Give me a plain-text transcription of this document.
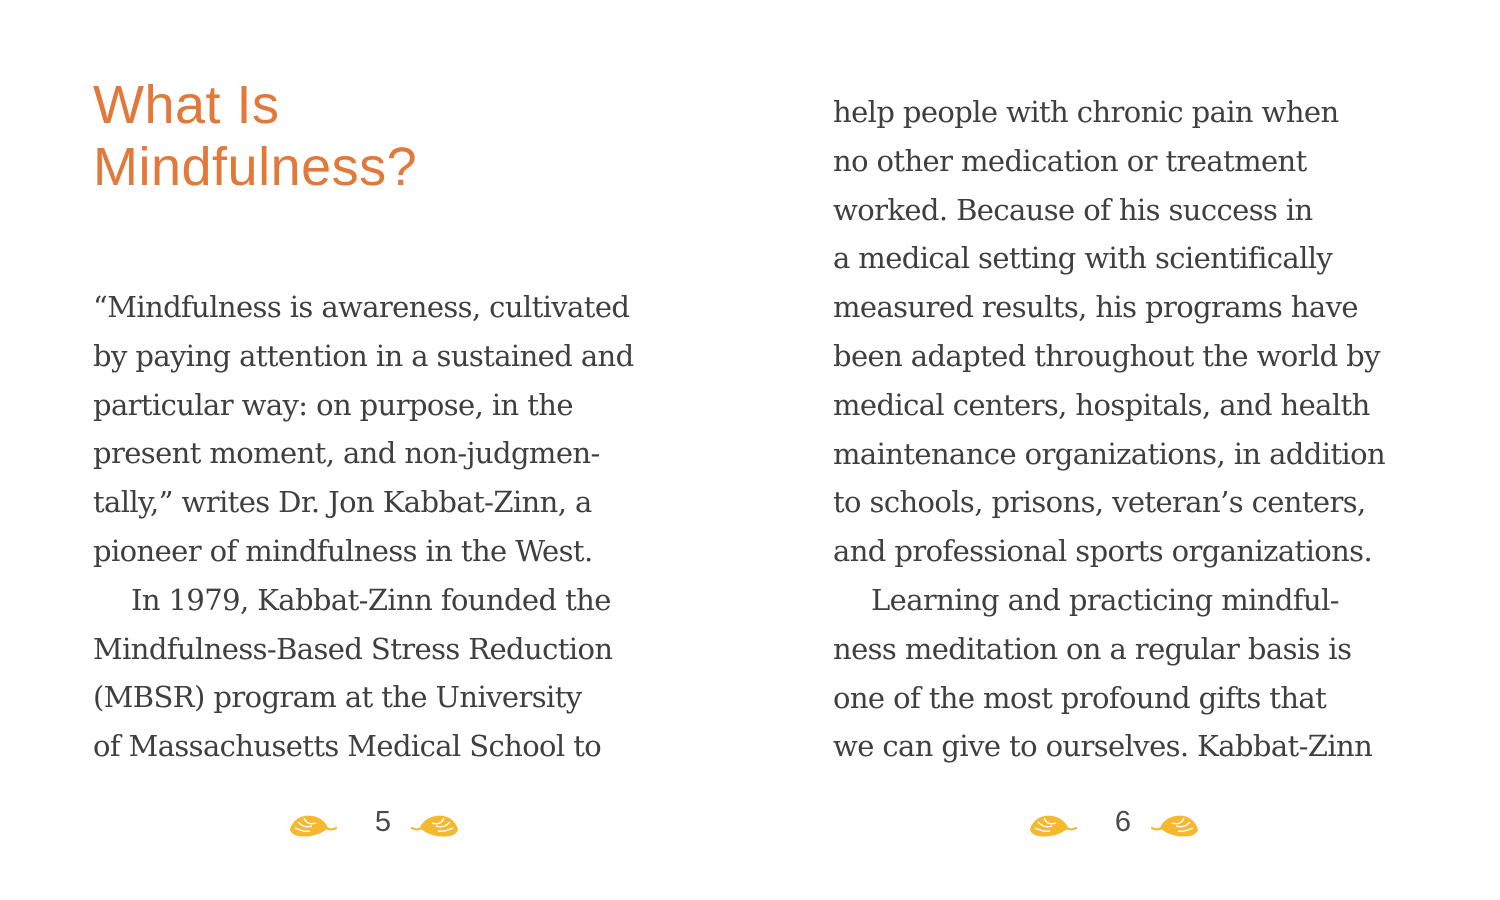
What Is
Mindfulness?
“Mindfulness is awareness, cultivated
by paying attention in a sustained and
particular way: on purpose, in the
present moment, and non-judgmen-
tally,” writes Dr. Jon Kabbat-Zinn, a
pioneer of mindfulness in the West.
In 1979, Kabbat-Zinn founded the
Mindfulness-Based Stress Reduction
(MBSR) program at the University
of Massachusetts Medical School to
5
help people with chronic pain when
no other medication or treatment
worked. Because of his success in
a medical setting with scientifically
measured results, his programs have
been adapted throughout the world by
medical centers, hospitals, and health
maintenance organizations, in addition
to schools, prisons, veteran’s centers,
and professional sports organizations.
Learning and practicing mindful-
ness meditation on a regular basis is
one of the most profound gifts that
we can give to ourselves. Kabbat-Zinn
6
